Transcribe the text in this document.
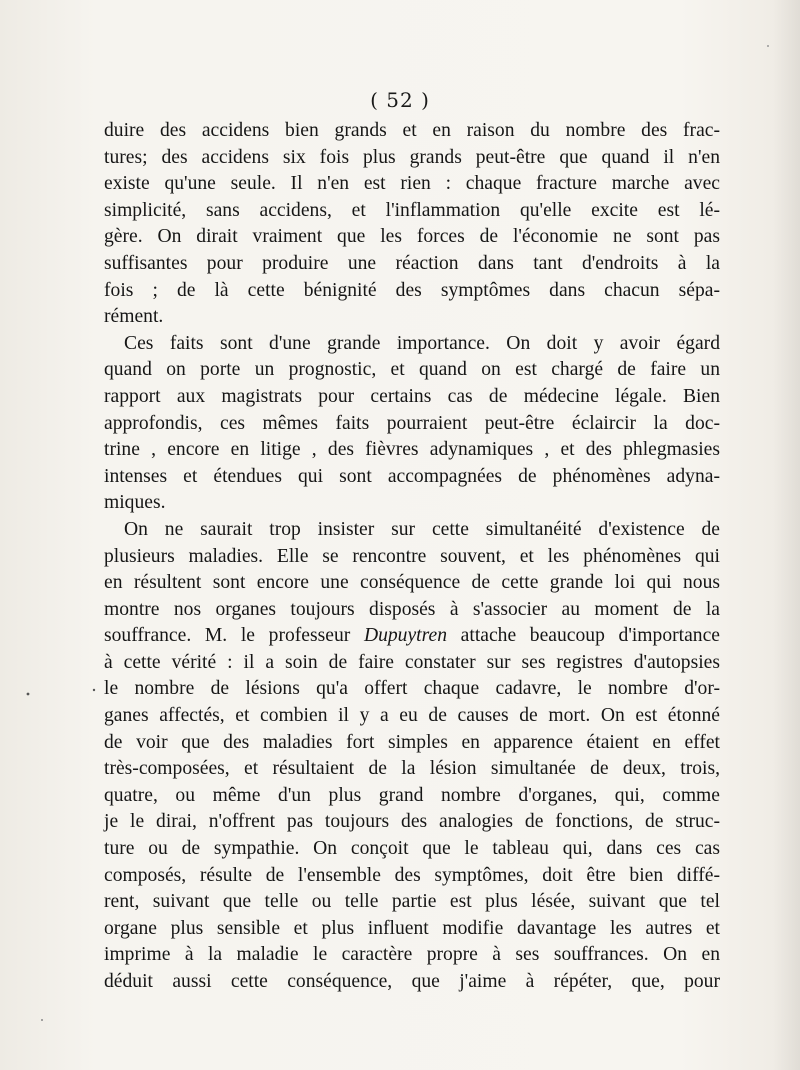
( 52 )
duire des accidens bien grands et en raison du nombre des frac-
tures; des accidens six fois plus grands peut-être que quand il n'en
existe qu'une seule. Il n'en est rien : chaque fracture marche avec
simplicité, sans accidens, et l'inflammation qu'elle excite est lé-
gère. On dirait vraiment que les forces de l'économie ne sont pas
suffisantes pour produire une réaction dans tant d'endroits à la
fois ; de là cette bénignité des symptômes dans chacun sépa-
rément.
Ces faits sont d'une grande importance. On doit y avoir égard
quand on porte un prognostic, et quand on est chargé de faire un
rapport aux magistrats pour certains cas de médecine légale. Bien
approfondis, ces mêmes faits pourraient peut-être éclaircir la doc-
trine , encore en litige , des fièvres adynamiques , et des phlegmasies
intenses et étendues qui sont accompagnées de phénomènes adyna-
miques.
On ne saurait trop insister sur cette simultanéité d'existence de
plusieurs maladies. Elle se rencontre souvent, et les phénomènes qui
en résultent sont encore une conséquence de cette grande loi qui nous
montre nos organes toujours disposés à s'associer au moment de la
souffrance. M. le professeur Dupuytren attache beaucoup d'importance
à cette vérité : il a soin de faire constater sur ses registres d'autopsies
le nombre de lésions qu'a offert chaque cadavre, le nombre d'or-
ganes affectés, et combien il y a eu de causes de mort. On est étonné
de voir que des maladies fort simples en apparence étaient en effet
très-composées, et résultaient de la lésion simultanée de deux, trois,
quatre, ou même d'un plus grand nombre d'organes, qui, comme
je le dirai, n'offrent pas toujours des analogies de fonctions, de struc-
ture ou de sympathie. On conçoit que le tableau qui, dans ces cas
composés, résulte de l'ensemble des symptômes, doit être bien diffé-
rent, suivant que telle ou telle partie est plus lésée, suivant que tel
organe plus sensible et plus influent modifie davantage les autres et
imprime à la maladie le caractère propre à ses souffrances. On en
déduit aussi cette conséquence, que j'aime à répéter, que, pour
